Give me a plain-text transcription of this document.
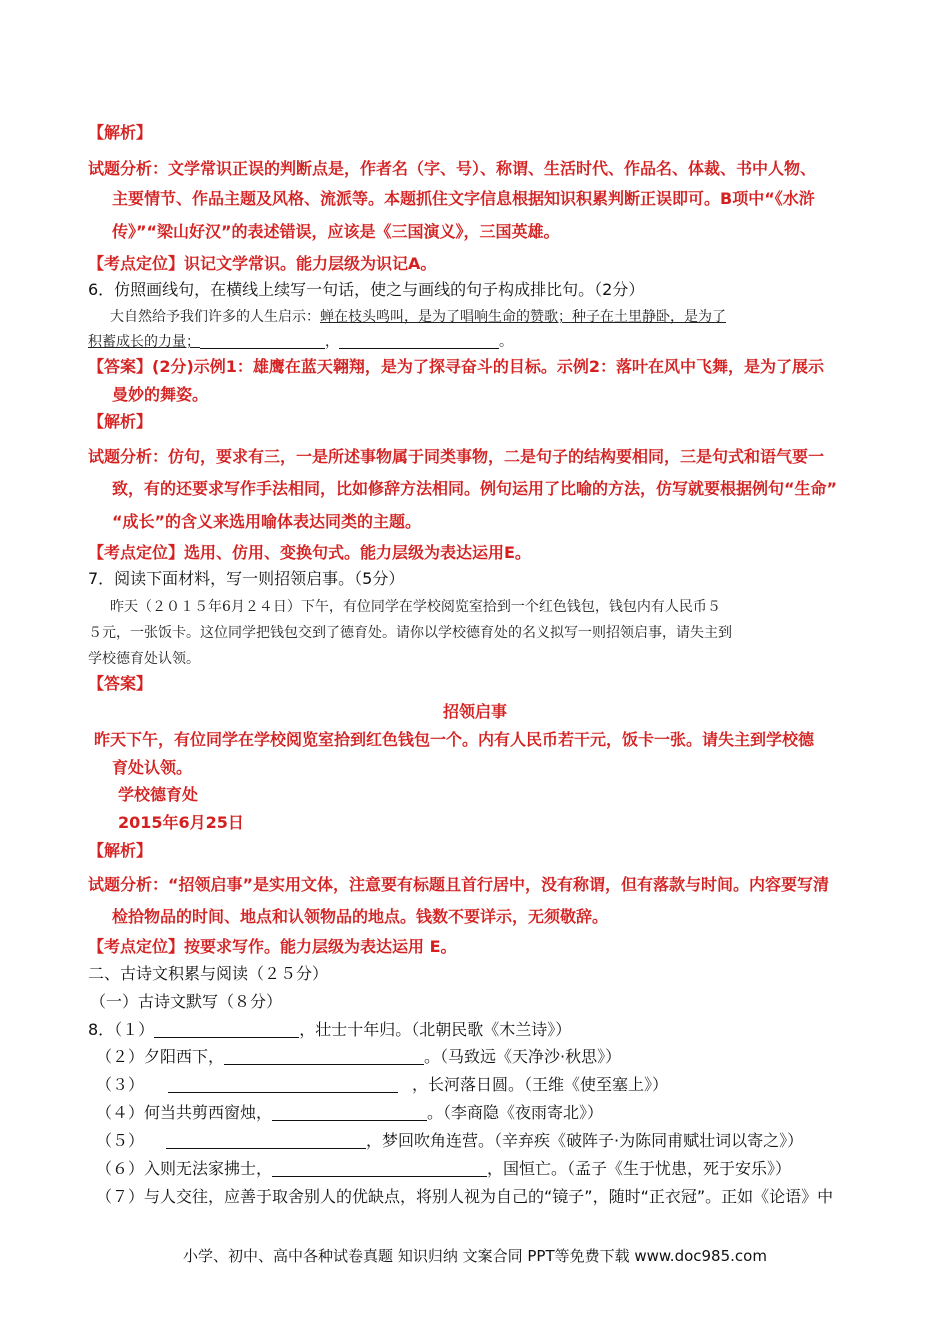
【解析】
试题分析：文学常识正误的判断点是，作者名（字、号）、称谓、生活时代、作品名、体裁、书中人物、
主要情节、作品主题及风格、流派等。本题抓住文字信息根据知识积累判断正误即可。B项中“《水浒
传》”“梁山好汉”的表述错误，应该是《三国演义》，三国英雄。
【考点定位】识记文学常识。能力层级为识记A。
6．仿照画线句，在横线上续写一句话，使之与画线的句子构成排比句。（2分）
大自然给予我们许多的人生启示：蝉在枝头鸣叫，是为了唱响生命的赞歌；种子在土里静卧，是为了
积蓄成长的力量；	，	。
【答案】(2分)示例1：雄鹰在蓝天翱翔，是为了探寻奋斗的目标。示例2：落叶在风中飞舞，是为了展示
曼妙的舞姿。
【解析】
试题分析：仿句，要求有三，一是所述事物属于同类事物，二是句子的结构要相同，三是句式和语气要一
致，有的还要求写作手法相同，比如修辞方法相同。例句运用了比喻的方法，仿写就要根据例句“生命”
“成长”的含义来选用喻体表达同类的主题。
【考点定位】选用、仿用、变换句式。能力层级为表达运用E。
7．阅读下面材料，写一则招领启事。（5分）
昨天（２０１５年6月２４日）下午，有位同学在学校阅览室拾到一个红色钱包，钱包内有人民币５
５元，一张饭卡。这位同学把钱包交到了德育处。请你以学校德育处的名义拟写一则招领启事，请失主到
学校德育处认领。
【答案】
招领启事
昨天下午，有位同学在学校阅览室拾到红色钱包一个。内有人民币若干元，饭卡一张。请失主到学校德
育处认领。
学校德育处
2015年6月25日
【解析】
试题分析：“招领启事”是实用文体，注意要有标题且首行居中，没有称谓，但有落款与时间。内容要写清
检拾物品的时间、地点和认领物品的地点。钱数不要详示，无须敬辞。
【考点定位】按要求写作。能力层级为表达运用 E。
二、古诗文积累与阅读（２５分）
（一）古诗文默写（８分）
8．（１）	，壮士十年归。（北朝民歌《木兰诗》）
（２）夕阳西下，	。（马致远《天净沙·秋思》）
（３）	，长河落日圆。（王维《使至塞上》）
（４）何当共剪西窗烛，	。（李商隐《夜雨寄北》）
（５）	，梦回吹角连营。（辛弃疾《破阵子·为陈同甫赋壮词以寄之》）
（６）入则无法家拂士，	，国恒亡。（孟子《生于忧患，死于安乐》）
（７）与人交往，应善于取舍别人的优缺点，将别人视为自己的“镜子”，随时“正衣冠”。正如《论语》中
小学、初中、高中各种试卷真题 知识归纳 文案合同 PPT等免费下载 www.doc985.com
